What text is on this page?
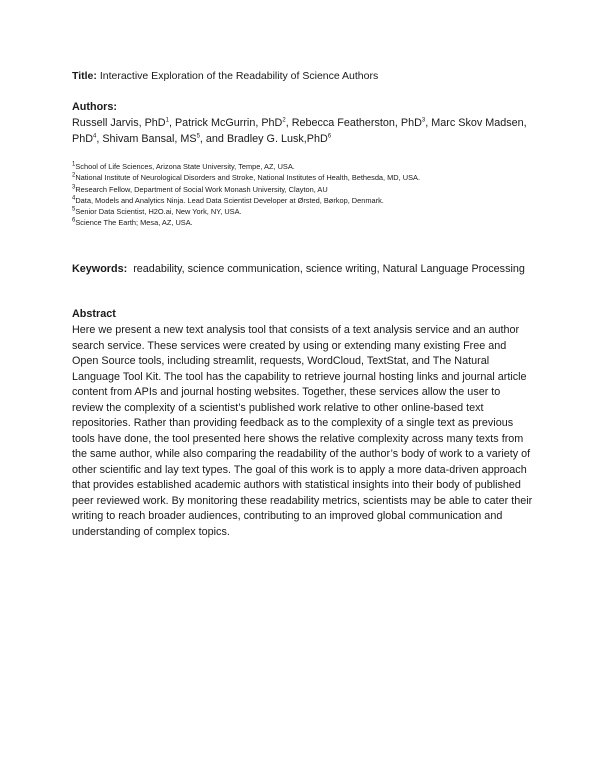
Title: Interactive Exploration of the Readability of Science Authors
Authors:
Russell Jarvis, PhD$^1$, Patrick McGurrin, PhD$^2$, Rebecca Featherston, PhD$^3$, Marc Skov Madsen, PhD$^4$, Shivam Bansal, $MS^5$, and Bradley G. Lusk,PhD$^6$
$^1$School of Life Sciences, Arizona State University, Tempe, AZ, USA.
$^2$National Institute of Neurological Disorders and Stroke, National Institutes of Health, Bethesda, MD, USA.
$^3$Research Fellow, Department of Social Work Monash University, Clayton, AU
$^4$Data, Models and Analytics Ninja. Lead Data Scientist Developer at Ørsted, Børkop, Denmark.
$^5$Senior Data Scientist, H2O.ai, New York, NY, USA.
$^6$Science The Earth; Mesa, AZ, USA.
Keywords: readability, science communication, science writing, Natural Language Processing
Abstract
Here we present a new text analysis tool that consists of a text analysis service and an author search service. These services were created by using or extending many existing Free and Open Source tools, including streamlit, requests, WordCloud, TextStat, and The Natural Language Tool Kit. The tool has the capability to retrieve journal hosting links and journal article content from APIs and journal hosting websites. Together, these services allow the user to review the complexity of a scientist’s published work relative to other online-based text repositories. Rather than providing feedback as to the complexity of a single text as previous tools have done, the tool presented here shows the relative complexity across many texts from the same author, while also comparing the readability of the author’s body of work to a variety of other scientific and lay text types. The goal of this work is to apply a more data-driven approach that provides established academic authors with statistical insights into their body of published peer reviewed work. By monitoring these readability metrics, scientists may be able to cater their writing to reach broader audiences, contributing to an improved global communication and understanding of complex topics.
